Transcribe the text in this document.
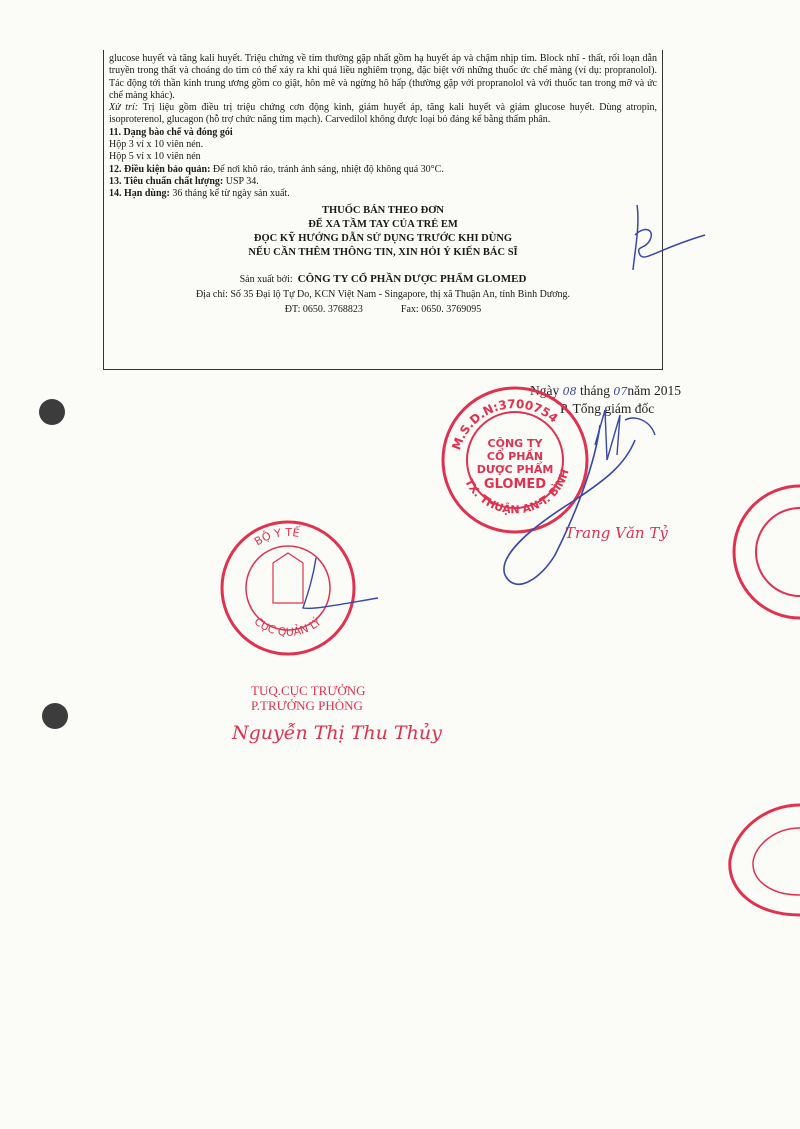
glucose huyết và tăng kali huyết. Triệu chứng về tim thường gặp nhất gồm hạ huyết áp và chậm nhịp tim. Block nhĩ - thất, rối loạn dẫn truyền trong thất và choáng do tim có thể xảy ra khi quá liều nghiêm trọng, đặc biệt với những thuốc ức chế màng (ví dụ: propranolol). Tác động tới thần kinh trung ương gồm co giật, hôn mê và ngừng hô hấp (thường gặp với propranolol và với thuốc tan trong mỡ và ức chế màng khác).

Xử trí: Trị liệu gồm điều trị triệu chứng cơn động kinh, giảm huyết áp, tăng kali huyết và giảm glucose huyết. Dùng atropin, isoproterenol, glucagon (hỗ trợ chức năng tim mạch). Carvedilol không được loại bỏ đáng kể bằng thẩm phân.

11. Dạng bào chế và đóng gói

Hộp 3 vỉ x 10 viên nén.

Hộp 5 vỉ x 10 viên nén

12. Điều kiện bảo quản: Để nơi khô ráo, tránh ánh sáng, nhiệt độ không quá 30°C.

13. Tiêu chuẩn chất lượng: USP 34.

14. Hạn dùng: 36 tháng kể từ ngày sản xuất.

THUỐC BÁN THEO ĐƠN
ĐỂ XA TẦM TAY CỦA TRẺ EM
ĐỌC KỸ HƯỚNG DẪN SỬ DỤNG TRƯỚC KHI DÙNG
NẾU CẦN THÊM THÔNG TIN, XIN HỎI Ý KIẾN BÁC SĨ
Sản xuất bởi: CÔNG TY CỔ PHẦN DƯỢC PHẨM GLOMED
Địa chỉ: Số 35 Đại lộ Tự Do, KCN Việt Nam - Singapore, thị xã Thuận An, tỉnh Bình Dương.
ĐT: 0650. 3768823	Fax: 0650. 3769095
Ngày 08 tháng 07năm 2015
P. Tổng giám đốc
M.S.D.N:3700754
TX. THUẬN AN-T. BÌNH DƯƠNG
CÔNG TY
CỔ PHẦN
DƯỢC PHẨM
GLOMED
Trang Văn Tỷ
BỘ Y TẾ
CỤC QUẢN LÝ
TUQ.CỤC TRƯỞNG
P.TRƯỞNG PHÒNG
Nguyễn Thị Thu Thủy
